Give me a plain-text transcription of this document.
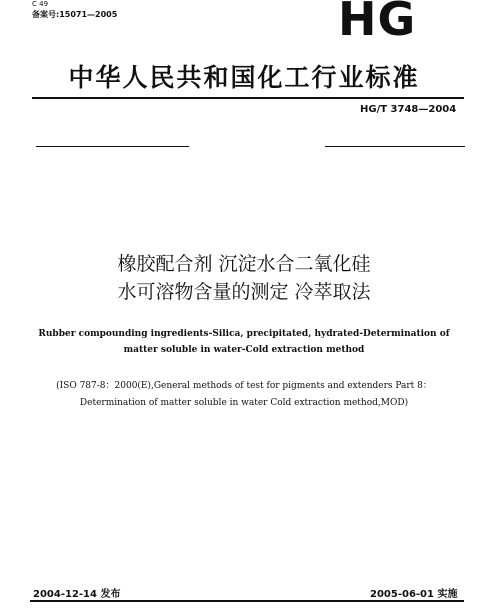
C 49
备案号:15071—2005	HG
中华人民共和国化工行业标准
HG/T 3748—2004
橡胶配合剂 沉淀水合二氧化硅
水可溶物含量的测定 冷萃取法
Rubber compounding ingredients-Silica, precipitated, hydrated-Determination of matter soluble in water-Cold extraction method
(ISO 787-8：2000(E),General methods of test for pigments and extenders Part 8：Determination of matter soluble in water Cold extraction method,MOD)
2004-12-14 发布	2005-06-01 实施
